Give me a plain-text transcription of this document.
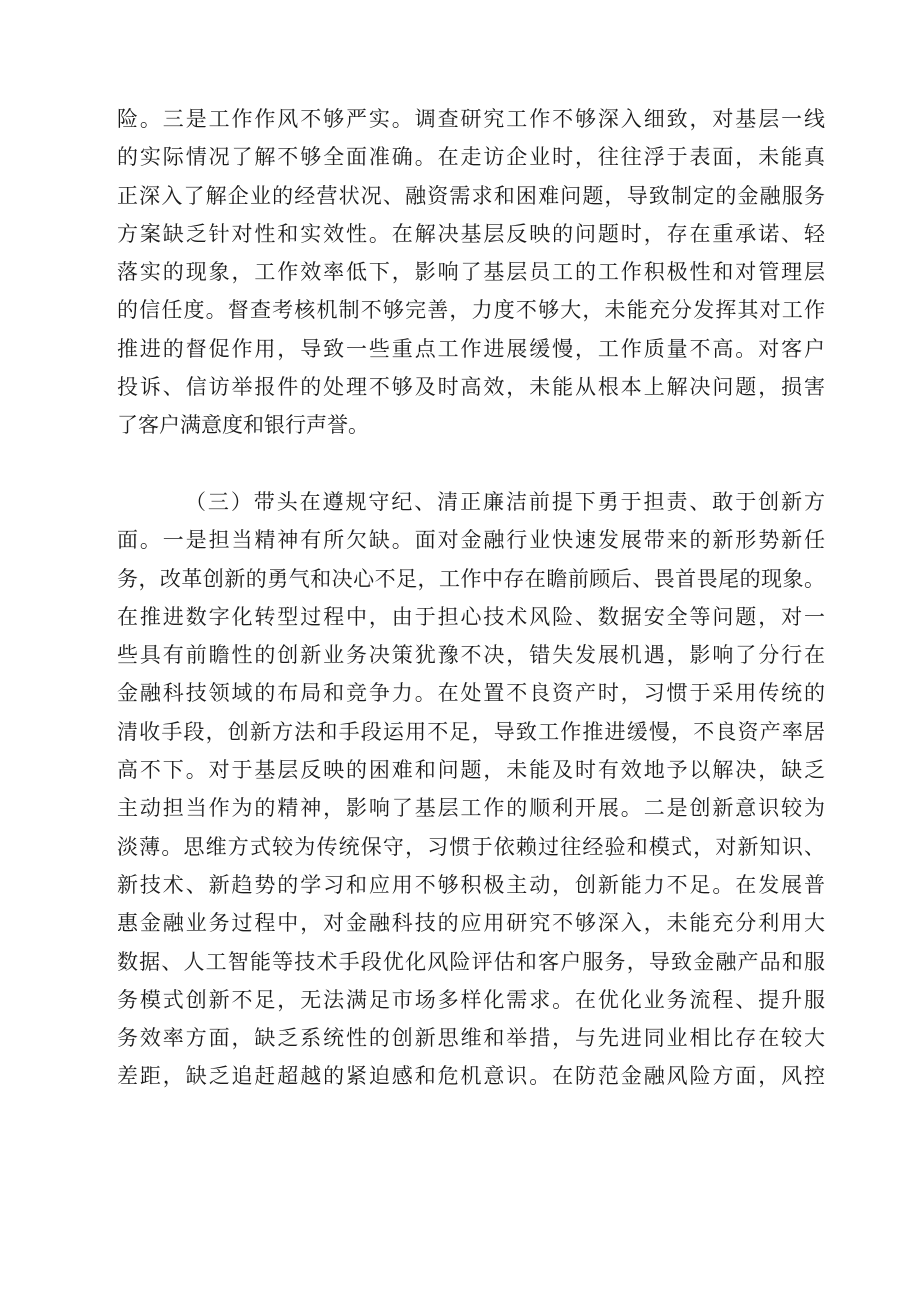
险。三是工作作风不够严实。调查研究工作不够深入细致，对基层一线
的实际情况了解不够全面准确。在走访企业时，往往浮于表面，未能真
正深入了解企业的经营状况、融资需求和困难问题，导致制定的金融服务
方案缺乏针对性和实效性。在解决基层反映的问题时，存在重承诺、轻
落实的现象，工作效率低下，影响了基层员工的工作积极性和对管理层
的信任度。督查考核机制不够完善，力度不够大，未能充分发挥其对工作
推进的督促作用，导致一些重点工作进展缓慢，工作质量不高。对客户
投诉、信访举报件的处理不够及时高效，未能从根本上解决问题，损害
了客户满意度和银行声誉。
（三）带头在遵规守纪、清正廉洁前提下勇于担责、敢于创新方
面。一是担当精神有所欠缺。面对金融行业快速发展带来的新形势新任
务，改革创新的勇气和决心不足，工作中存在瞻前顾后、畏首畏尾的现象。
在推进数字化转型过程中，由于担心技术风险、数据安全等问题，对一
些具有前瞻性的创新业务决策犹豫不决，错失发展机遇，影响了分行在
金融科技领域的布局和竞争力。在处置不良资产时，习惯于采用传统的
清收手段，创新方法和手段运用不足，导致工作推进缓慢，不良资产率居
高不下。对于基层反映的困难和问题，未能及时有效地予以解决，缺乏
主动担当作为的精神，影响了基层工作的顺利开展。二是创新意识较为
淡薄。思维方式较为传统保守，习惯于依赖过往经验和模式，对新知识、
新技术、新趋势的学习和应用不够积极主动，创新能力不足。在发展普
惠金融业务过程中，对金融科技的应用研究不够深入，未能充分利用大
数据、人工智能等技术手段优化风险评估和客户服务，导致金融产品和服
务模式创新不足，无法满足市场多样化需求。在优化业务流程、提升服
务效率方面，缺乏系统性的创新思维和举措，与先进同业相比存在较大
差距，缺乏追赶超越的紧迫感和危机意识。在防范金融风险方面，风控
